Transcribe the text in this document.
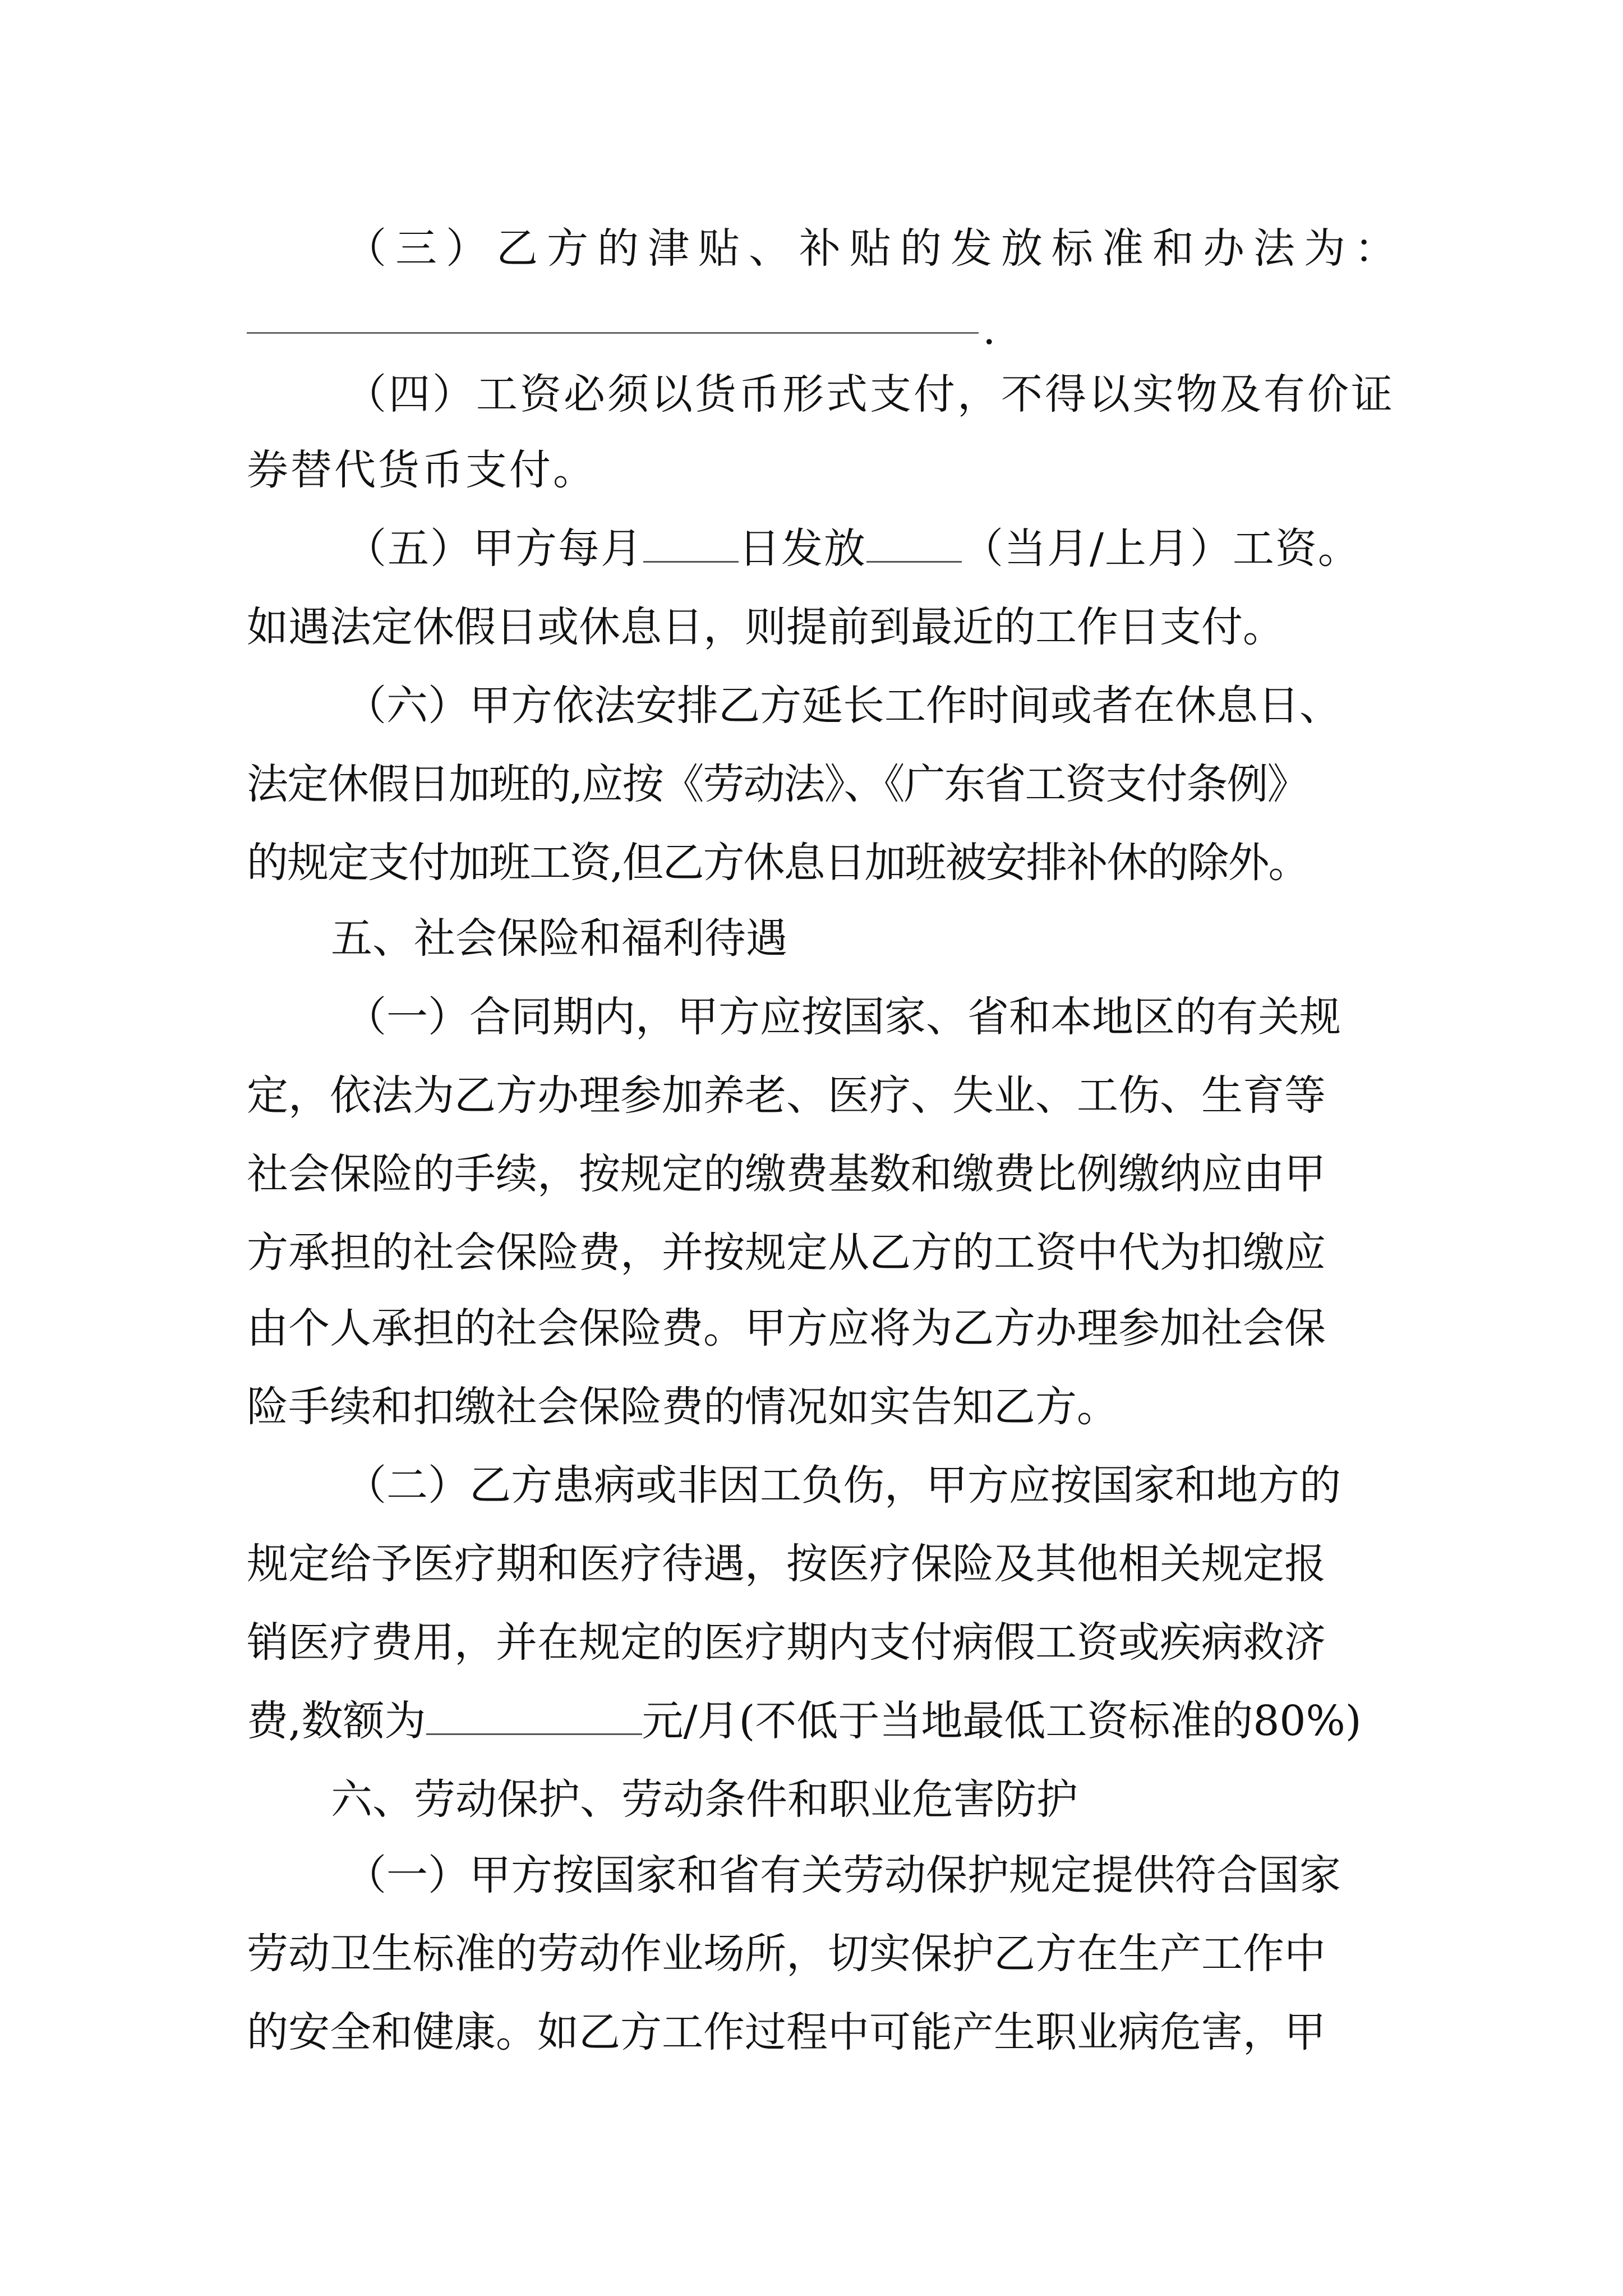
（三）乙方的津贴、补贴的发放标准和办法为：
.
（四）工资必须以货币形式支付，不得以实物及有价证
券替代货币支付。
（五）甲方每月 日发放 （当月/上月）工资。
如遇法定休假日或休息日，则提前到最近的工作日支付。
（六）甲方依法安排乙方延长工作时间或者在休息日、
法定休假日加班的,应按《劳动法》、《广东省工资支付条例》
的规定支付加班工资,但乙方休息日加班被安排补休的除外。
五、社会保险和福利待遇
（一）合同期内，甲方应按国家、省和本地区的有关规
定，依法为乙方办理参加养老、医疗、失业、工伤、生育等
社会保险的手续，按规定的缴费基数和缴费比例缴纳应由甲
方承担的社会保险费，并按规定从乙方的工资中代为扣缴应
由个人承担的社会保险费。甲方应将为乙方办理参加社会保
险手续和扣缴社会保险费的情况如实告知乙方。
（二）乙方患病或非因工负伤，甲方应按国家和地方的
规定给予医疗期和医疗待遇，按医疗保险及其他相关规定报
销医疗费用，并在规定的医疗期内支付病假工资或疾病救济
费,数额为	元/月(不低于当地最低工资标准的80%)
六、劳动保护、劳动条件和职业危害防护
（一）甲方按国家和省有关劳动保护规定提供符合国家
劳动卫生标准的劳动作业场所，切实保护乙方在生产工作中
的安全和健康。如乙方工作过程中可能产生职业病危害，甲
